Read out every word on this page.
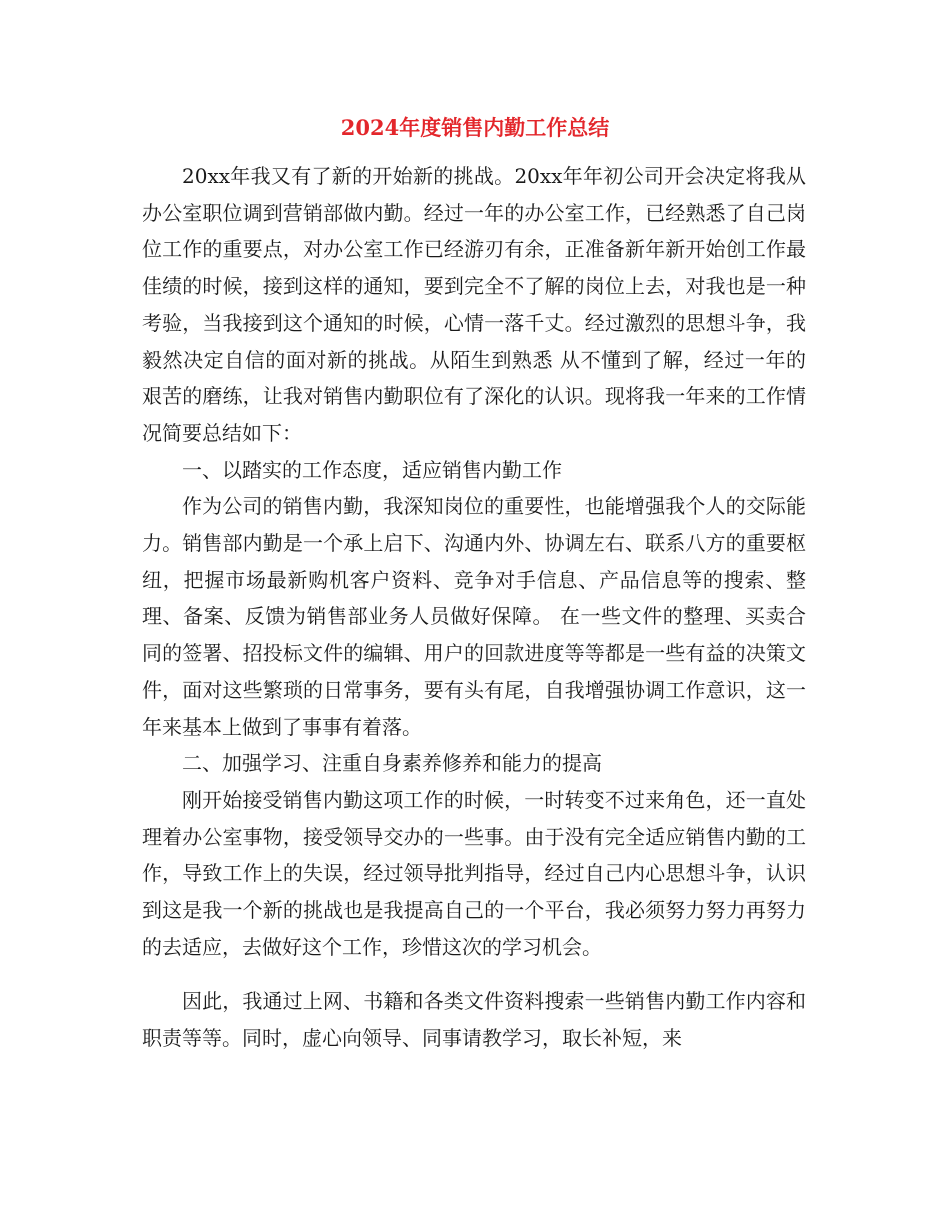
2024年度销售内勤工作总结

20xx年我又有了新的开始新的挑战。20xx年年初公司开会决定将我从办公室职位调到营销部做内勤。经过一年的办公室工作，已经熟悉了自己岗位工作的重要点，对办公室工作已经游刃有余，正准备新年新开始创工作最佳绩的时候，接到这样的通知，要到完全不了解的岗位上去，对我也是一种考验，当我接到这个通知的时候，心情一落千丈。经过激烈的思想斗争，我毅然决定自信的面对新的挑战。从陌生到熟悉 从不懂到了解，经过一年的艰苦的磨练，让我对销售内勤职位有了深化的认识。现将我一年来的工作情况简要总结如下：

一、以踏实的工作态度，适应销售内勤工作

作为公司的销售内勤，我深知岗位的重要性，也能增强我个人的交际能力。销售部内勤是一个承上启下、沟通内外、协调左右、联系八方的重要枢纽，把握市场最新购机客户资料、竞争对手信息、产品信息等的搜索、整理、备案、反馈为销售部业务人员做好保障。 在一些文件的整理、买卖合同的签署、招投标文件的编辑、用户的回款进度等等都是一些有益的决策文件，面对这些繁琐的日常事务，要有头有尾，自我增强协调工作意识，这一年来基本上做到了事事有着落。

二、加强学习、注重自身素养修养和能力的提高

刚开始接受销售内勤这项工作的时候，一时转变不过来角色，还一直处理着办公室事物，接受领导交办的一些事。由于没有完全适应销售内勤的工作，导致工作上的失误，经过领导批判指导，经过自己内心思想斗争，认识到这是我一个新的挑战也是我提高自己的一个平台，我必须努力努力再努力的去适应，去做好这个工作，珍惜这次的学习机会。

因此，我通过上网、书籍和各类文件资料搜索一些销售内勤工作内容和职责等等。同时，虚心向领导、同事请教学习，取长补短，来
